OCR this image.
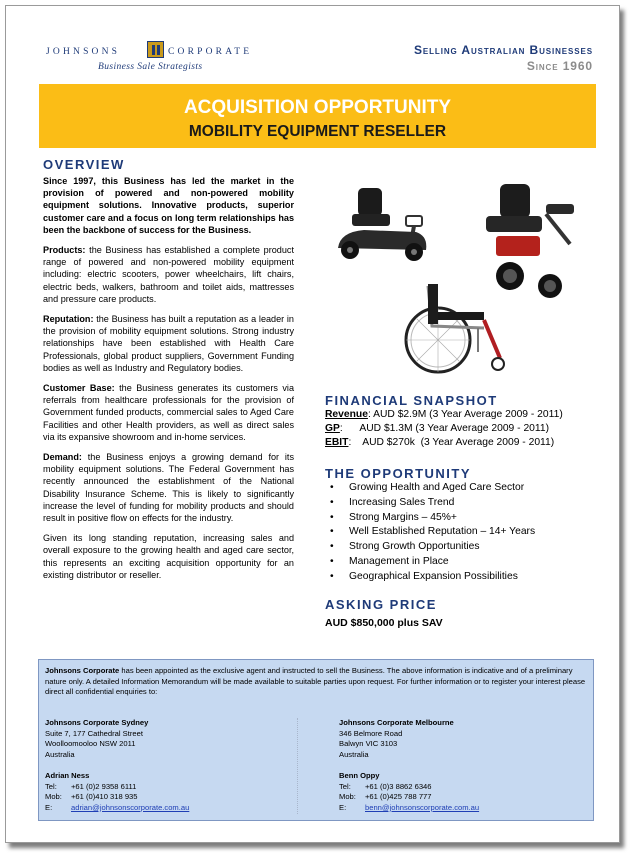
JOHNSONS	CORPORATE
Business Sale Strategists
Selling Australian Businesses
Since 1960
ACQUISITION OPPORTUNITY
MOBILITY EQUIPMENT RESELLER
OVERVIEW

Since 1997, this Business has led the market in the provision of powered and non-powered mobility equipment solutions. Innovative products, superior customer care and a focus on long term relationships has been the backbone of success for the Business.

Products: the Business has established a complete product range of powered and non-powered mobility equipment including: electric scooters, power wheelchairs, lift chairs, electric beds, walkers, bathroom and toilet aids, mattresses and pressure care products.

Reputation: the Business has built a reputation as a leader in the provision of mobility equipment solutions. Strong industry relationships have been established with Health Care Professionals, global product suppliers, Government Funding bodies as well as Industry and Regulatory bodies.

Customer Base: the Business generates its customers via referrals from healthcare professionals for the provision of Government funded products, commercial sales to Aged Care Facilities and other Health providers, as well as direct sales via its expansive showroom and in-home services.

Demand: the Business enjoys a growing demand for its mobility equipment solutions. The Federal Government has recently announced the establishment of the National Disability Insurance Scheme. This is likely to significantly increase the level of funding for mobility products and should result in positive flow on effects for the industry.

Given its long standing reputation, increasing sales and overall exposure to the growing health and aged care sector, this represents an exciting acquisition opportunity for an existing distributor or reseller.

FINANCIAL SNAPSHOT
Revenue: AUD $2.9M (3 Year Average 2009 - 2011)
GP:      AUD $1.3M (3 Year Average 2009 - 2011)
EBIT:    AUD $270k  (3 Year Average 2009 - 2011)
THE OPPORTUNITY
• Growing Health and Aged Care Sector
• Increasing Sales Trend
• Strong Margins – 45%+
• Well Established Reputation – 14+ Years
• Strong Growth Opportunities
• Management in Place
• Geographical Expansion Possibilities
ASKING PRICE
AUD $850,000 plus SAV
Johnsons Corporate has been appointed as the exclusive agent and instructed to sell the Business. The above information is indicative and of a preliminary nature only. A detailed Information Memorandum will be made available to suitable parties upon request. For further information or to register your interest please direct all confidential enquiries to:
Johnsons Corporate Sydney
Suite 7, 177 Cathedral Street
Woolloomooloo NSW 2011
Australia
Adrian Ness
Tel: +61 (0)2 9358 6111
Mob: +61 (0)410 318 935
E: adrian@johnsonscorporate.com.au
Johnsons Corporate Melbourne
346 Belmore Road
Balwyn VIC 3103
Australia
Benn Oppy
Tel: +61 (0)3 8862 6346
Mob: +61 (0)425 788 777
E: benn@johnsonscorporate.com.au
